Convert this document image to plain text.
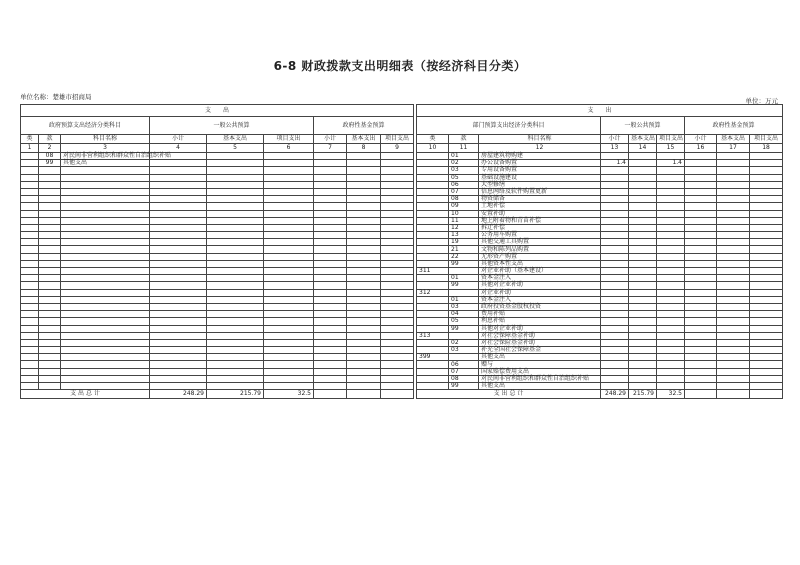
6-8 财政拨款支出明细表（按经济科目分类）
单位名称：楚雄市招商局	单位：万元
支　　出								
政府预算支出经济分类科目			一般公共预算			政府性基金预算		
类	款	科目名称	小计	基本支出	项目支出	小计	基本支出	项目支出
1	2	3	4	5	6	7	8	9
	08	对民间非营利组织和群众性自治组织补贴						
	99	其他支出						

支 出 总 计			248.29	215.79	32.5			
支　　出								
部门预算支出经济分类科目			一般公共预算			政府性基金预算		
类	款	科目名称	小计	基本支出	项目支出	小计	基本支出	项目支出
10	11	12	13	14	15	16	17	18
	01	房屋建筑物购建						
	02	办公设备购置	1.4		1.4			
	03	专用设备购置						
	05	基础设施建设						
	06	大型修缮						
	07	信息网络及软件购置更新						
	08	物资储备						
	09	土地补偿						
	10	安置补助						
	11	地上附着物和青苗补偿						
	12	拆迁补偿						
	13	公务用车购置						
	19	其他交通工具购置						
	21	文物和陈列品购置						
	22	无形资产购置						
	99	其他资本性支出						
311		对企业补助（基本建设）						
	01	资本金注入						
	99	其他对企业补助						
312		对企业补助						
	01	资本金注入						
	03	政府投资基金股权投资						
	04	费用补贴						
	05	利息补贴						
	99	其他对企业补助						
313		对社会保障基金补助						
	02	对社会保险基金补助						
	03	补充全国社会保障基金						
399		其他支出						
	06	赠与						
	07	国家赔偿费用支出						
	08	对民间非营利组织和群众性自治组织补贴						
	99	其他支出						
支 出 总 计			248.29	215.79	32.5			
